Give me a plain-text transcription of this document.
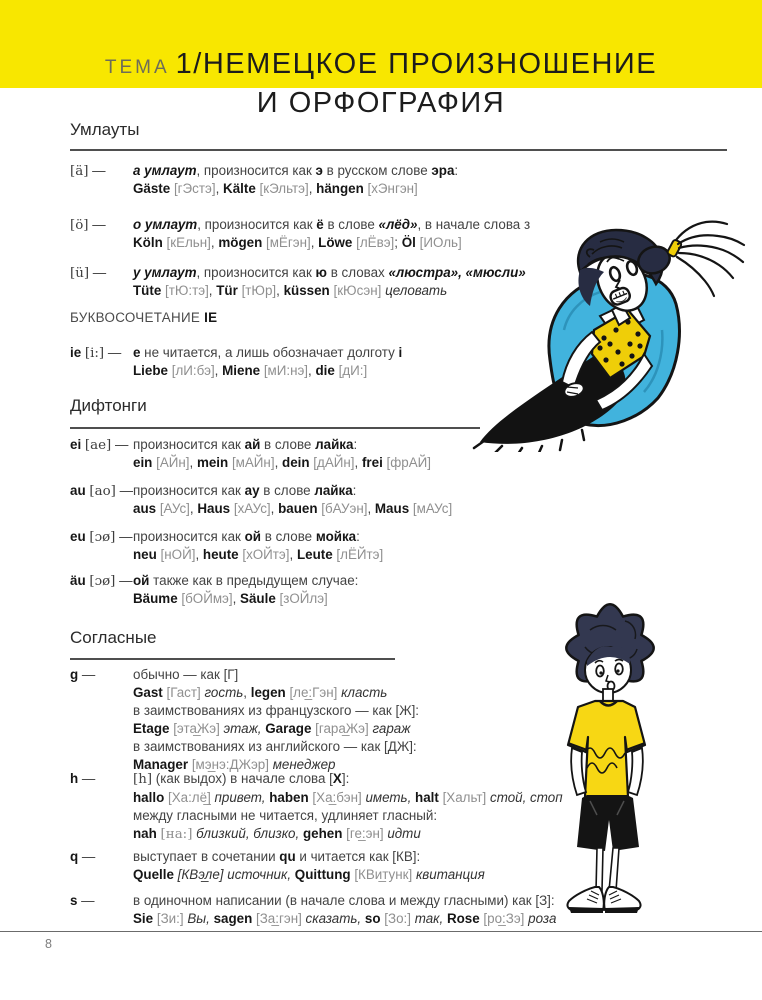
ТЕМА 1/НЕМЕЦКОЕ ПРОИЗНОШЕНИЕ
И ОРФОГРАФИЯ
Умлауты
[ä] — а умлаут, произносится как э в русском слове эра:
Gäste [гЭстэ], Kälte [кЭльтэ], hängen [хЭнгэн]
[ö] — о умлаут, произносится как ё в слове «лёд», в начале слова з
Köln [кЕльн], mögen [мЁгэн], Löwe [лЁвэ]; Öl [ИОль]
[ü] — у умлаут, произносится как ю в словах «люстра», «мюсли»
Tüte [тЮ:тэ], Tür [тЮр], küssen [кЮсэн] целовать
БУКВОСОЧЕТАНИЕ IE
ie [i:] — e не читается, а лишь обозначает долготу i
Liebe [лИ:бэ], Miene [мИ:нэ], die [дИ:]
Дифтонги
ei [ae] — произносится как ай в слове лайка:
ein [АЙн], mein [мАЙн], dein [дАЙн], frei [фрАЙ]
au [ao] — произносится как ау в слове лайка:
aus [АУс], Haus [хАУс], bauen [бАУэн], Maus [мАУс]
eu [ɔø] — произносится как ой в слове мойка:
neu [нОЙ], heute [хОЙтэ], Leute [лЁЙтэ]
äu [ɔø] — ой также как в предыдущем случае:
Bäume [бОЙмэ], Säule [зОЙлэ]
Согласные
g —	обычно — как [Г]
Gast [Гаст] гость, legen [ле̲:Гэн] класть
в заимствованиях из французского — как [Ж]:
Etage [эта̲Жэ] этаж, Garage [гара̲Жэ] гараж
в заимствованиях из английского — как [ДЖ]:
Manager [мэ̲нэ:ДЖэр] менеджер
h —	[h] (как выдох) в начале слова [X]:
hallo [Ха:лё̲] привет, haben [Ха̲:бэн] иметь, halt [Хальт] стой, стоп
между гласными не читается, удлиняет гласный:
nah [на:] близкий, близко, gehen [ге̲:эн] идти
q —	выступает в сочетании qu и читается как [КВ]:
Quelle [КВэ̲ле] источник, Quittung [КВи̲тунк] квитанция
s —	в одиночном написании (в начале слова и между гласными) как [З]:
Sie [Зи:] Вы, sagen [За̲:гэн] сказать, so [Зо:] так, Rose [ро̲:Зэ] роза
8
